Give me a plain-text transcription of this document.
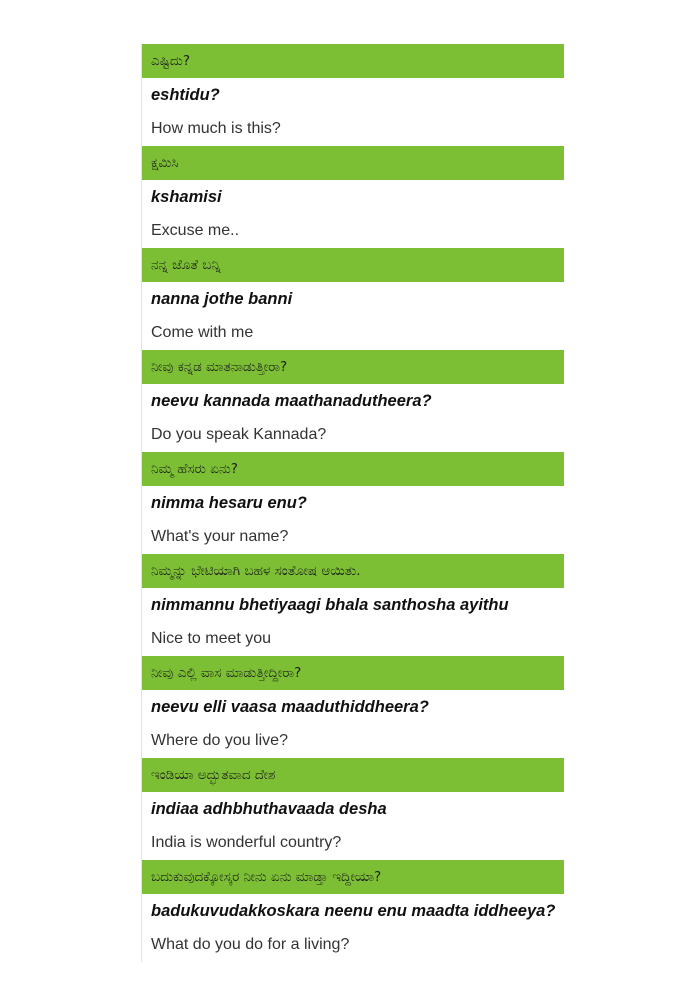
ಎಷ್ಟಿದು?
eshtidu?
How much is this?
ಕ್ಷಮಿಸಿ
kshamisi
Excuse me..
ನನ್ನ ಜೊತೆ ಬನ್ನಿ
nanna jothe banni
Come with me
ನೀವು ಕನ್ನಡ ಮಾತನಾಡುತ್ತೀರಾ?
neevu kannada maathanadutheera?
Do you speak Kannada?
ನಿಮ್ಮ ಹೆಸರು ಏನು?
nimma hesaru enu?
What's your name?
ನಿಮ್ಮನ್ನು ಭೇಟಿಯಾಗಿ ಬಹಳ ಸಂತೋಷ ಆಯಿತು.
nimmannu bhetiyaagi bhala santhosha ayithu
Nice to meet you
ನೀವು ಎಲ್ಲಿ ವಾಸ ಮಾಡುತ್ತೀದ್ದೀರಾ?
neevu elli vaasa maaduthiddheera?
Where do you live?
ಇಂಡಿಯಾ ಅದ್ಭುತವಾದ ದೇಶ
indiaa adhbhuthavaada desha
India is wonderful country?
ಬದುಕುವುದಕ್ಕೋಸ್ಕರ ನೀನು ಏನು ಮಾಡ್ತಾ ಇದ್ದೀಯಾ?
badukuvudakkoskara neenu enu maadta iddheeya?
What do you do for a living?
